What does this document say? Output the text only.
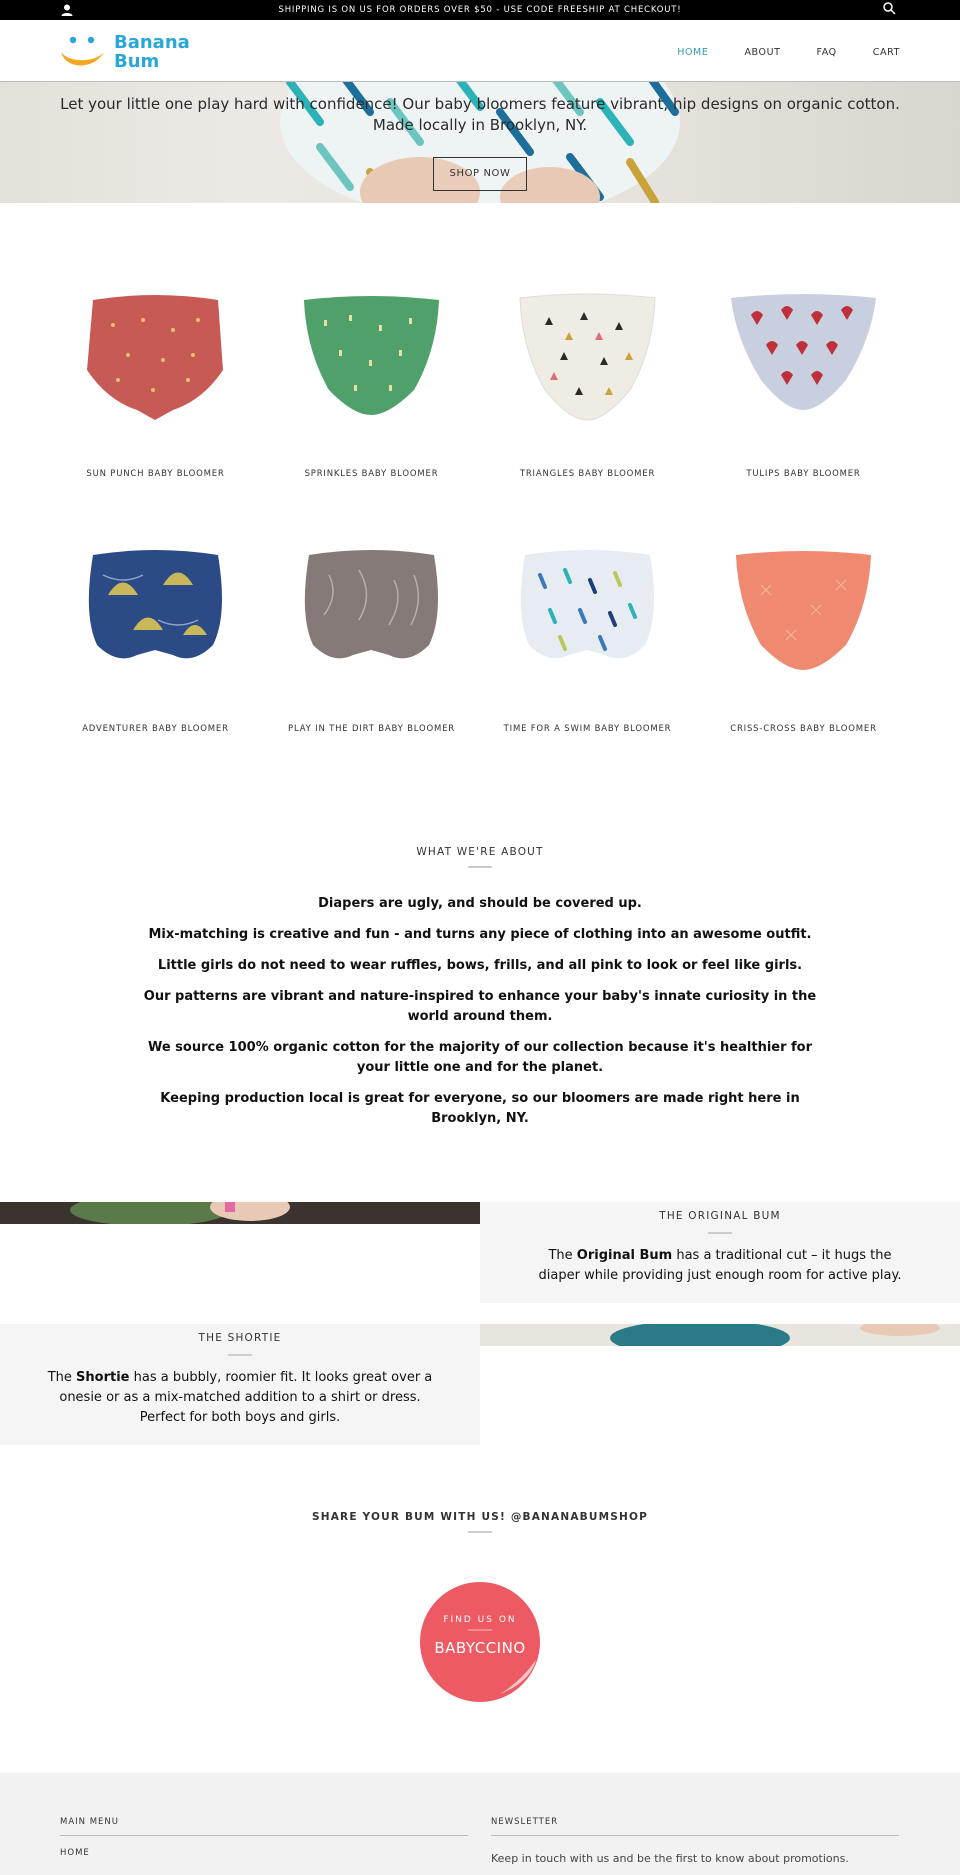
SHIPPING IS ON US FOR ORDERS OVER $50 - USE CODE FREESHIP AT CHECKOUT!
Banana
Bum	HOME	ABOUT	FAQ	CART
Let your little one play hard with confidence! Our baby bloomers feature vibrant, hip designs on organic cotton. Made locally in Brooklyn, NY.
SHOP NOW
SUN PUNCH BABY BLOOMER	SPRINKLES BABY BLOOMER	TRIANGLES BABY BLOOMER	TULIPS BABY BLOOMER
ADVENTURER BABY BLOOMER	PLAY IN THE DIRT BABY BLOOMER	TIME FOR A SWIM BABY BLOOMER	CRISS-CROSS BABY BLOOMER
WHAT WE'RE ABOUT

Diapers are ugly, and should be covered up.

Mix-matching is creative and fun - and turns any piece of clothing into an awesome outfit.

Little girls do not need to wear ruffles, bows, frills, and all pink to look or feel like girls.

Our patterns are vibrant and nature-inspired to enhance your baby's innate curiosity in the world around them.

We source 100% organic cotton for the majority of our collection because it's healthier for your little one and for the planet.

Keeping production local is great for everyone, so our bloomers are made right here in Brooklyn, NY.

THE ORIGINAL BUM
The Original Bum has a traditional cut – it hugs the diaper while providing just enough room for active play.
THE SHORTIE
The Shortie has a bubbly, roomier fit. It looks great over a onesie or as a mix-matched addition to a shirt or dress. Perfect for both boys and girls.
SHARE YOUR BUM WITH US! @BANANABUMSHOP
FIND US ON
BABYCCINO
MAIN MENU
HOME
NEWSLETTER
Keep in touch with us and be the first to know about promotions.
